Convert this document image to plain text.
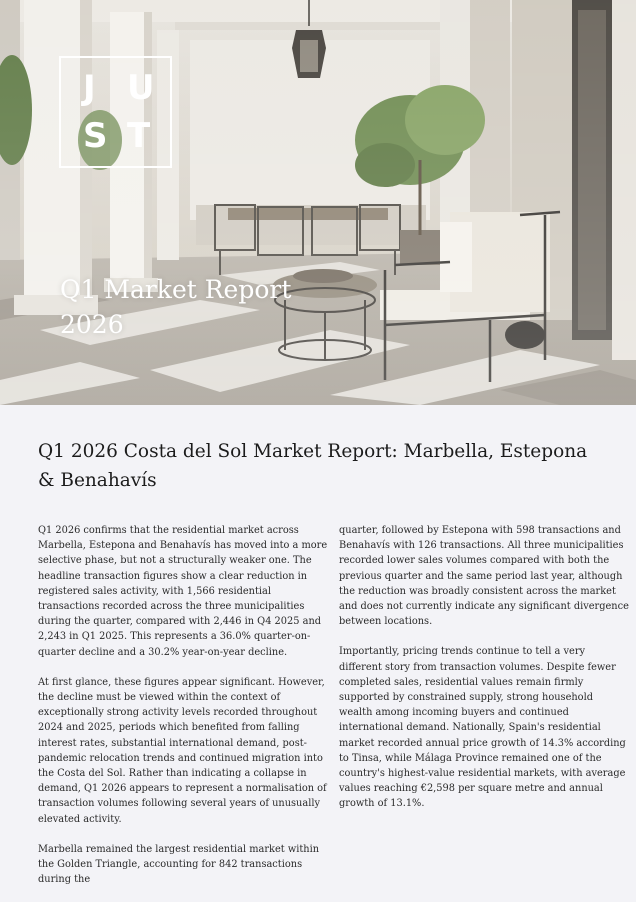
J U
S T
Q1 Market Report
2026
Q1 2026 Costa del Sol Market Report: Marbella, Estepona & Benahavís

Q1 2026 confirms that the residential market across Marbella, Estepona and Benahavís has moved into a more selective phase, but not a structurally weaker one. The headline transaction figures show a clear reduction in registered sales activity, with 1,566 residential transactions recorded across the three municipalities during the quarter, compared with 2,446 in Q4 2025 and 2,243 in Q1 2025. This represents a 36.0% quarter-on-quarter decline and a 30.2% year-on-year decline.

At first glance, these figures appear significant. However, the decline must be viewed within the context of exceptionally strong activity levels recorded throughout 2024 and 2025, periods which benefited from falling interest rates, substantial international demand, post-pandemic relocation trends and continued migration into the Costa del Sol. Rather than indicating a collapse in demand, Q1 2026 appears to represent a normalisation of transaction volumes following several years of unusually elevated activity.

Marbella remained the largest residential market within the Golden Triangle, accounting for 842 transactions during the

quarter, followed by Estepona with 598 transactions and Benahavís with 126 transactions. All three municipalities recorded lower sales volumes compared with both the previous quarter and the same period last year, although the reduction was broadly consistent across the market and does not currently indicate any significant divergence between locations.

Importantly, pricing trends continue to tell a very different story from transaction volumes. Despite fewer completed sales, residential values remain firmly supported by constrained supply, strong household wealth among incoming buyers and continued international demand. Nationally, Spain's residential market recorded annual price growth of 14.3% according to Tinsa, while Málaga Province remained one of the country's highest-value residential markets, with average values reaching €2,598 per square metre and annual growth of 13.1%.
